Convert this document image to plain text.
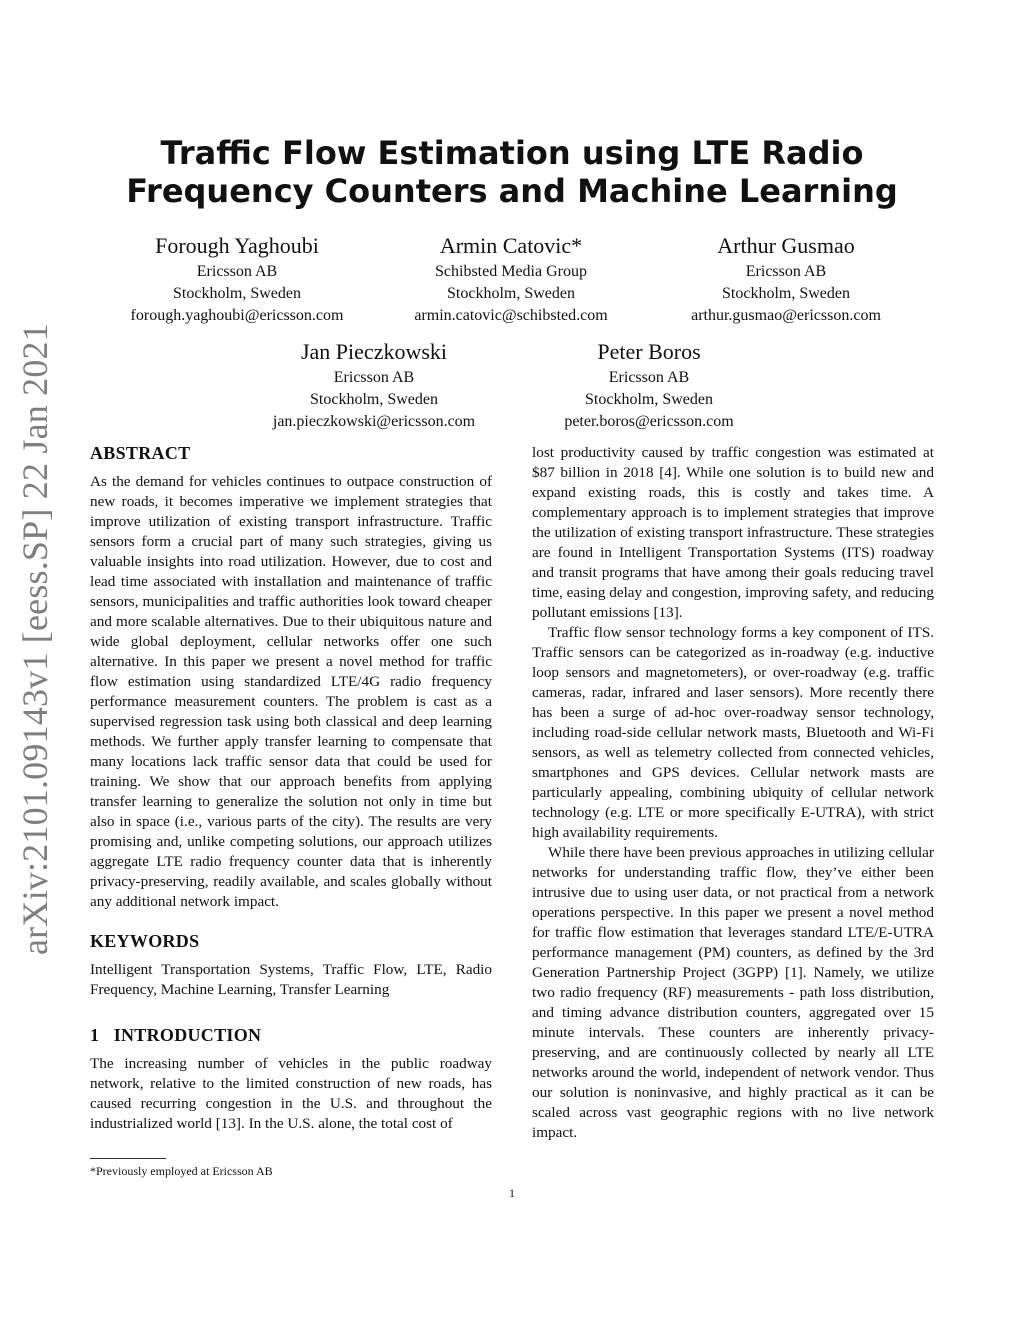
arXiv:2101.09143v1 [eess.SP] 22 Jan 2021
Traffic Flow Estimation using LTE Radio Frequency Counters and Machine Learning
Forough Yaghoubi
Ericsson AB
Stockholm, Sweden
forough.yaghoubi@ericsson.com
Armin Catovic*
Schibsted Media Group
Stockholm, Sweden
armin.catovic@schibsted.com
Arthur Gusmao
Ericsson AB
Stockholm, Sweden
arthur.gusmao@ericsson.com
Jan Pieczkowski
Ericsson AB
Stockholm, Sweden
jan.pieczkowski@ericsson.com
Peter Boros
Ericsson AB
Stockholm, Sweden
peter.boros@ericsson.com
ABSTRACT

As the demand for vehicles continues to outpace construction of new roads, it becomes imperative we implement strategies that improve utilization of existing transport infrastructure. Traffic sensors form a crucial part of many such strategies, giving us valuable insights into road utilization. However, due to cost and lead time associated with installation and maintenance of traffic sensors, municipalities and traffic authorities look toward cheaper and more scalable alternatives. Due to their ubiquitous nature and wide global deployment, cellular networks offer one such alternative. In this paper we present a novel method for traffic flow estimation using standardized LTE/4G radio frequency performance measurement counters. The problem is cast as a supervised regression task using both classical and deep learning methods. We further apply transfer learning to compensate that many locations lack traffic sensor data that could be used for training. We show that our approach benefits from applying transfer learning to generalize the solution not only in time but also in space (i.e., various parts of the city). The results are very promising and, unlike competing solutions, our approach utilizes aggregate LTE radio frequency counter data that is inherently privacy-preserving, readily available, and scales globally without any additional network impact.

KEYWORDS

Intelligent Transportation Systems, Traffic Flow, LTE, Radio Frequency, Machine Learning, Transfer Learning

1   INTRODUCTION

The increasing number of vehicles in the public roadway network, relative to the limited construction of new roads, has caused recurring congestion in the U.S. and throughout the industrialized world [13]. In the U.S. alone, the total cost of

lost productivity caused by traffic congestion was estimated at $87 billion in 2018 [4]. While one solution is to build new and expand existing roads, this is costly and takes time. A complementary approach is to implement strategies that improve the utilization of existing transport infrastructure. These strategies are found in Intelligent Transportation Systems (ITS) roadway and transit programs that have among their goals reducing travel time, easing delay and congestion, improving safety, and reducing pollutant emissions [13].

Traffic flow sensor technology forms a key component of ITS. Traffic sensors can be categorized as in-roadway (e.g. inductive loop sensors and magnetometers), or over-roadway (e.g. traffic cameras, radar, infrared and laser sensors). More recently there has been a surge of ad-hoc over-roadway sensor technology, including road-side cellular network masts, Bluetooth and Wi-Fi sensors, as well as telemetry collected from connected vehicles, smartphones and GPS devices. Cellular network masts are particularly appealing, combining ubiquity of cellular network technology (e.g. LTE or more specifically E-UTRA), with strict high availability requirements.

While there have been previous approaches in utilizing cellular networks for understanding traffic flow, they’ve either been intrusive due to using user data, or not practical from a network operations perspective. In this paper we present a novel method for traffic flow estimation that leverages standard LTE/E-UTRA performance management (PM) counters, as defined by the 3rd Generation Partnership Project (3GPP) [1]. Namely, we utilize two radio frequency (RF) measurements - path loss distribution, and timing advance distribution counters, aggregated over 15 minute intervals. These counters are inherently privacy-preserving, and are continuously collected by nearly all LTE networks around the world, independent of network vendor. Thus our solution is noninvasive, and highly practical as it can be scaled across vast geographic regions with no live network impact.

*Previously employed at Ericsson AB
1
